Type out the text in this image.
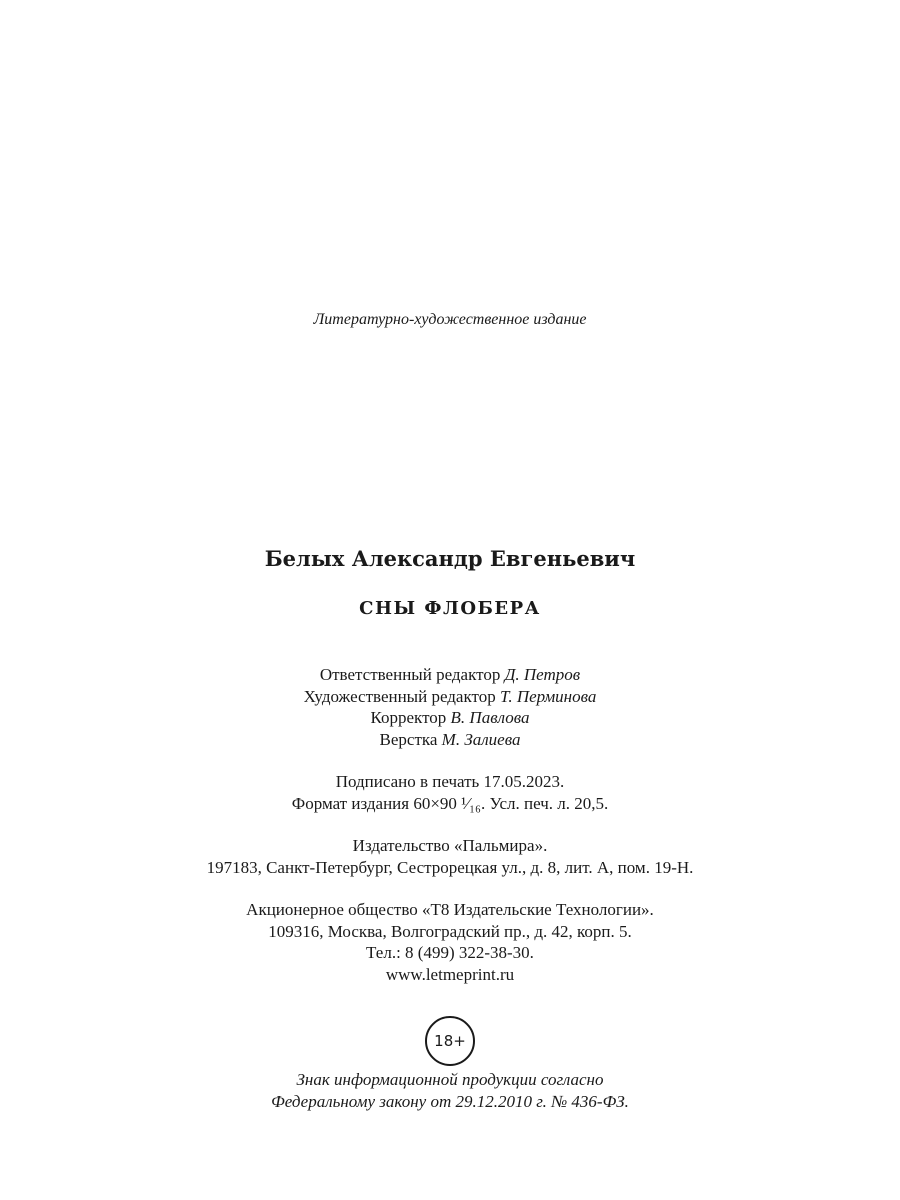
Литературно-художественное издание
Белых Александр Евгеньевич
СНЫ ФЛОБЕРА
Ответственный редактор Д. Петров
Художественный редактор Т. Перминова
Корректор В. Павлова
Верстка М. Залиева
Подписано в печать 17.05.2023.
Формат издания 60×90 ¹⁄₁₆. Усл. печ. л. 20,5.
Издательство «Пальмира».
197183, Санкт-Петербург, Сестрорецкая ул., д. 8, лит. А, пом. 19-Н.
Акционерное общество «Т8 Издательские Технологии».
109316, Москва, Волгоградский пр., д. 42, корп. 5.
Тел.: 8 (499) 322-38-30.
www.letmeprint.ru
18+
Знак информационной продукции согласно
Федеральному закону от 29.12.2010 г. № 436-ФЗ.
